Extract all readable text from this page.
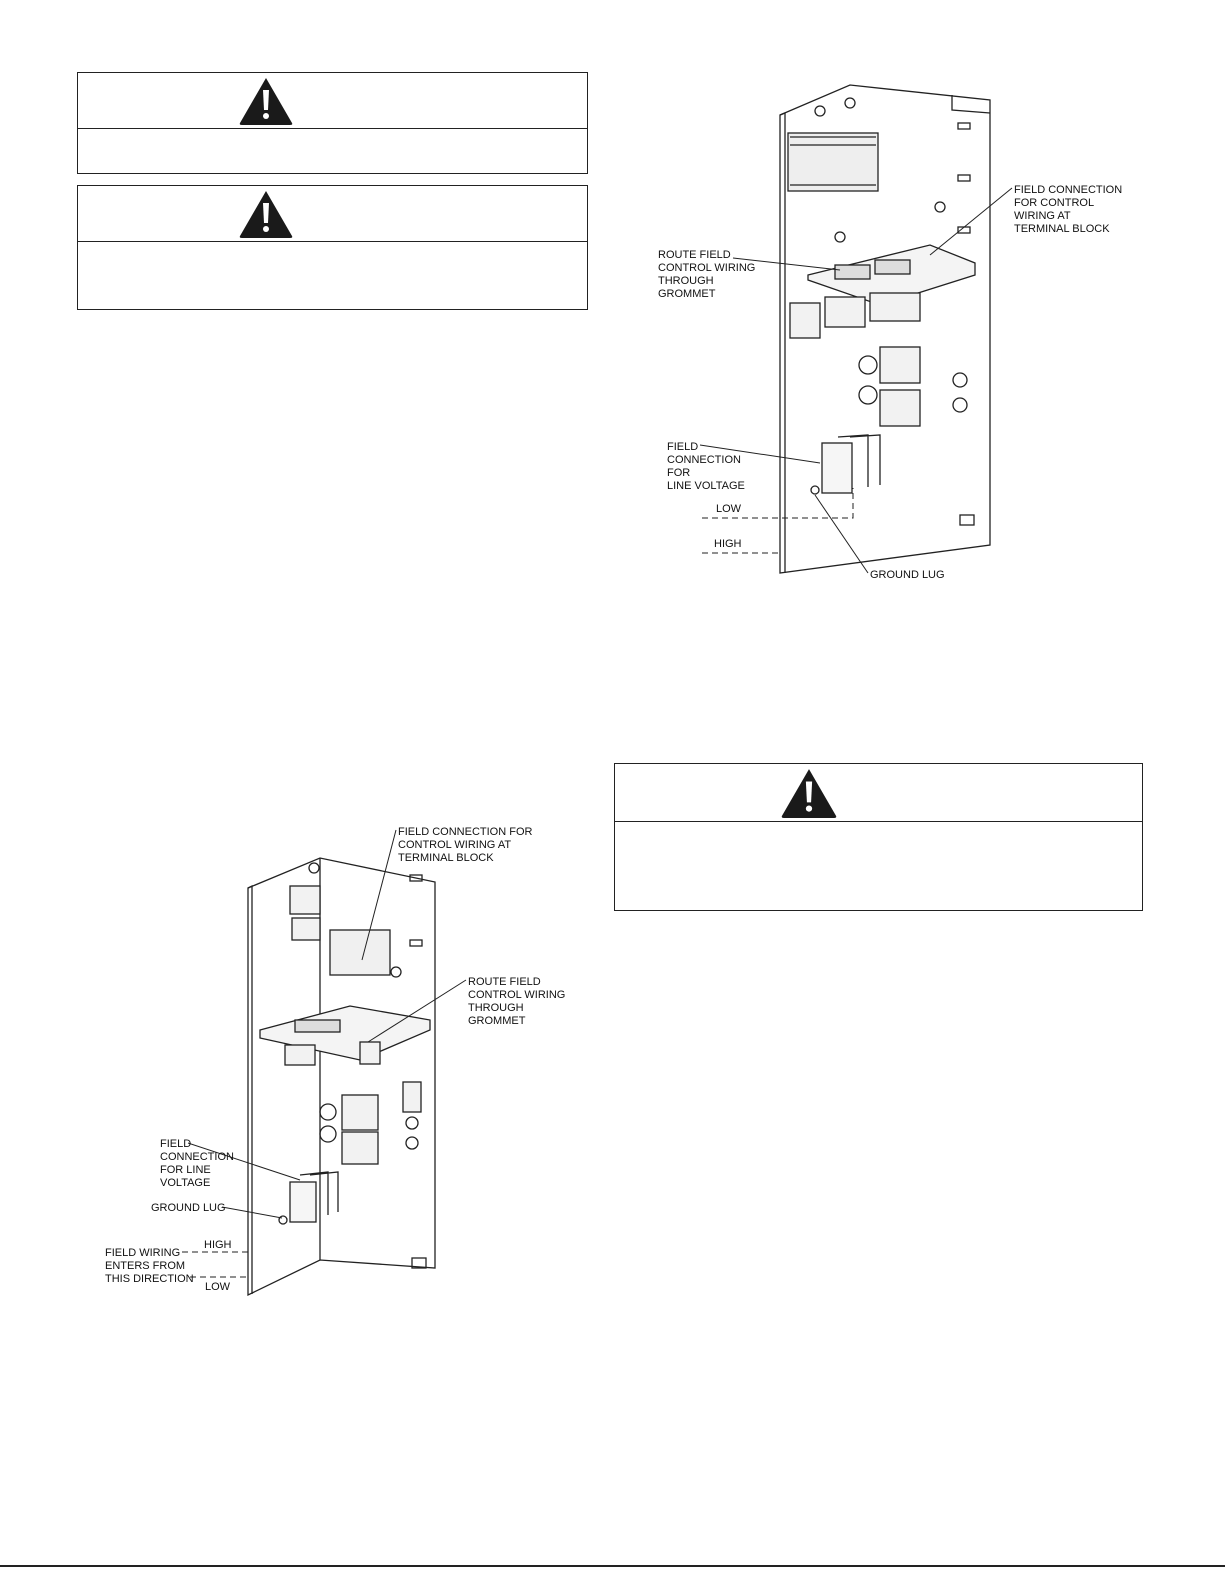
FIELD CONNECTION
FOR CONTROL
WIRING AT
TERMINAL BLOCK
ROUTE FIELD
CONTROL WIRING
THROUGH
GROMMET
FIELD
CONNECTION
FOR
LINE VOLTAGE
LOW
HIGH
GROUND LUG
FIELD CONNECTION FOR
CONTROL WIRING AT
TERMINAL BLOCK
ROUTE FIELD
CONTROL WIRING
THROUGH
GROMMET
FIELD
CONNECTION
FOR LINE
VOLTAGE
GROUND LUG
HIGH
FIELD WIRING
ENTERS FROM
THIS DIRECTION
LOW
